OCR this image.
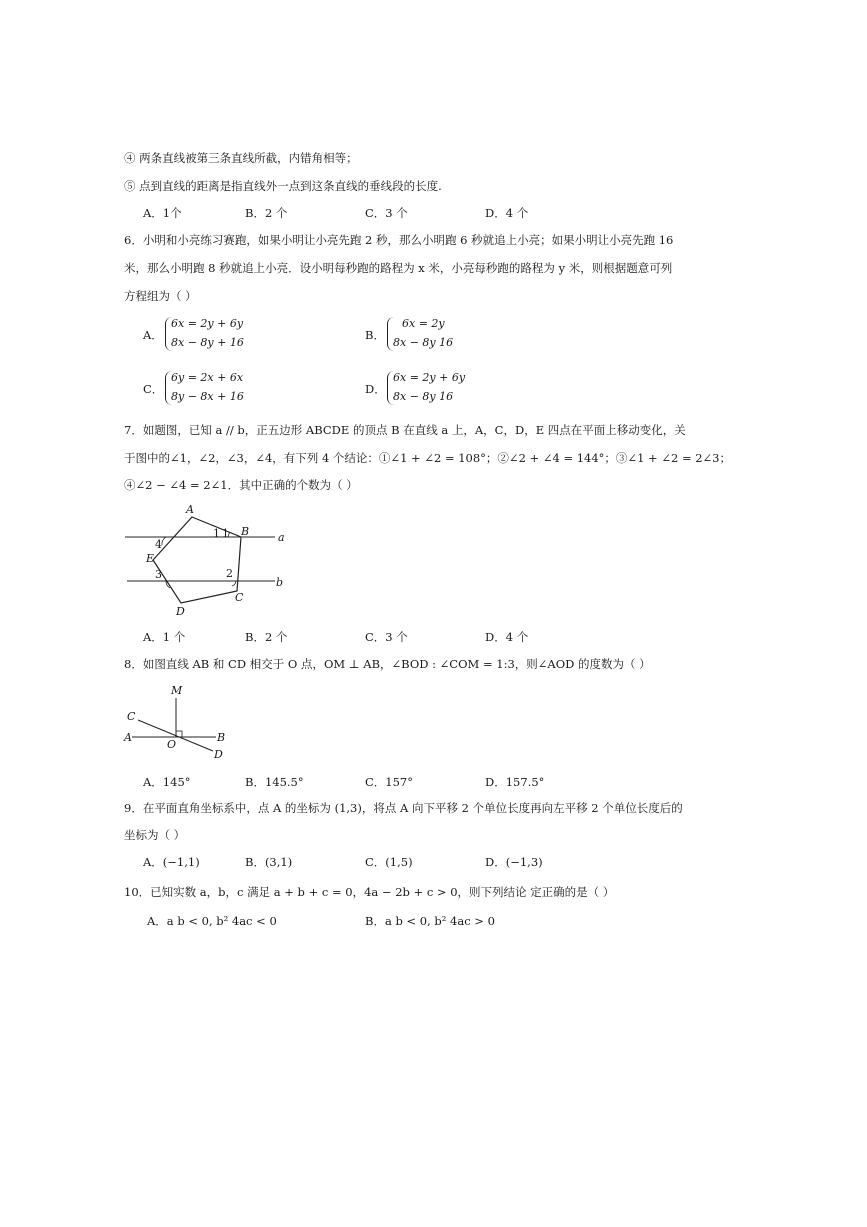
④ 两条直线被第三条直线所截，内错角相等；
⑤ 点到直线的距离是指直线外一点到这条直线的垂线段的长度.
A．1个	B．2 个	C．3 个	D．4 个
6．小明和小亮练习赛跑，如果小明让小亮先跑 2 秒，那么小明跑 6 秒就追上小亮；如果小明让小亮先跑 16
米，那么小明跑 8 秒就追上小亮．设小明每秒跑的路程为 x 米，小亮每秒跑的路程为 y 米，则根据题意可列
方程组为（ ）
A．
6x = 2y + 6y
8x − 8y + 16
B．
6x = 2y
8x − 8y 16
C．
6y = 2x + 6x
8y − 8x + 16
D．
6x = 2y + 6y
8x − 8y 16
7．如题图，已知 a // b，正五边形 ABCDE 的顶点 B 在直线 a 上，A，C，D，E 四点在平面上移动变化，关
于图中的∠1，∠2，∠3，∠4，有下列 4 个结论：①∠1 + ∠2 = 108°；②∠2 + ∠4 = 144°；③∠1 + ∠2 = 2∠3；
④∠2 − ∠4 = 2∠1．其中正确的个数为（ ）
A
B
C
D
E
a
b
1 1
2
3
4
A．1 个	B．2 个	C．3 个	D．4 个
8．如图直线 AB 和 CD 相交于 O 点，OM ⊥ AB，∠BOD : ∠COM = 1:3，则∠AOD 的度数为（ ）
M
C
A
O
B
D
A．145°	B．145.5°	C．157°	D．157.5°
9．在平面直角坐标系中，点 A 的坐标为 (1,3)，将点 A 向下平移 2 个单位长度再向左平移 2 个单位长度后的
坐标为（ ）
A．(−1,1)	B．(3,1)	C．(1,5)	D．(−1,3)
10．已知实数 a，b，c 满足 a + b + c = 0，4a − 2b + c > 0，则下列结论 定正确的是（ ）
A．a b < 0, b² 4ac < 0	B．a b < 0, b² 4ac > 0
